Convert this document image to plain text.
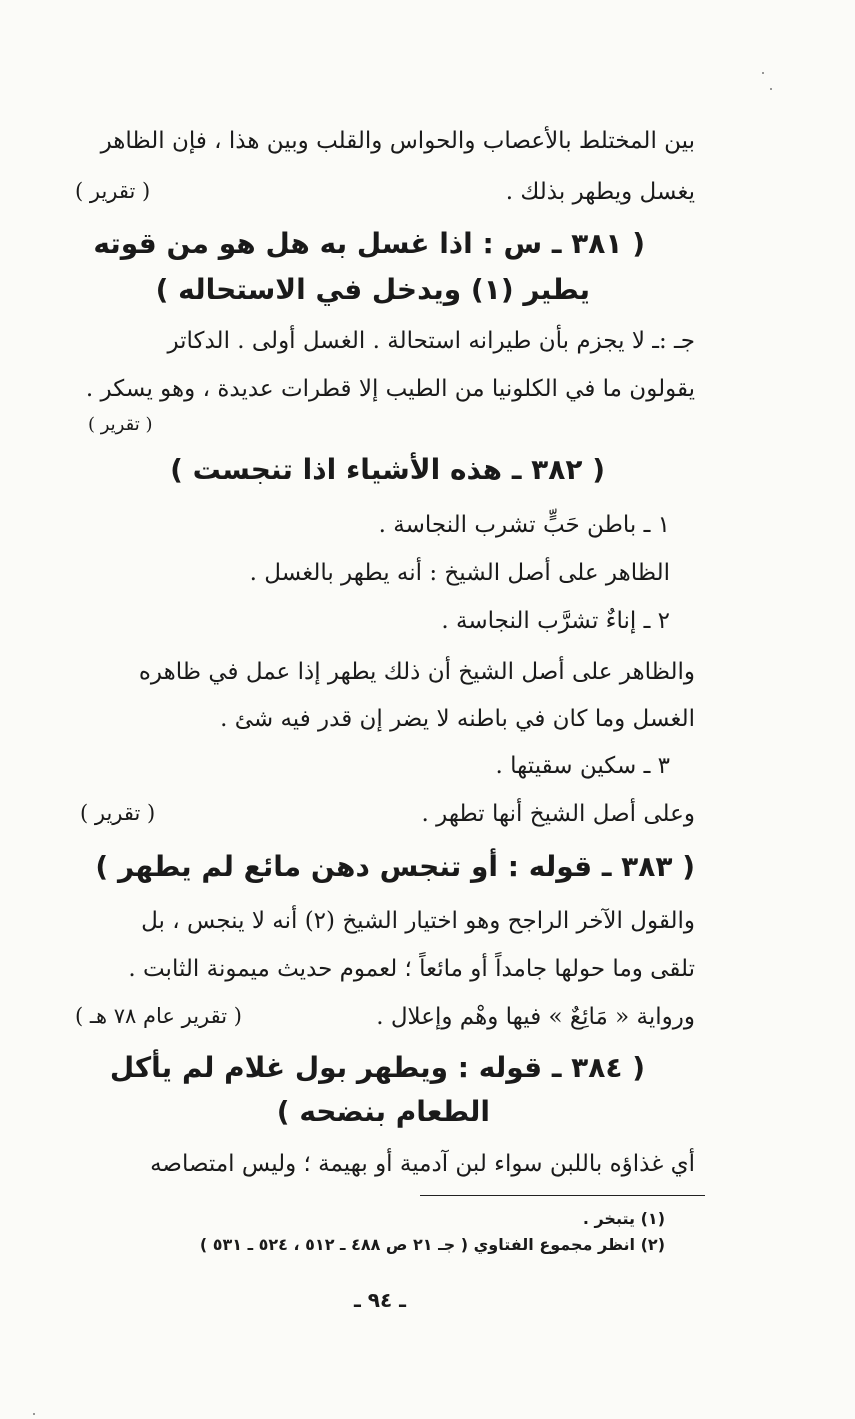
بين المختلط بالأعصاب والحواس والقلب وبين هذا ، فإن الظاهر
يغسل ويطهر بذلك .
( تقرير )
( ٣٨١ ـ س : اذا غسل به هل هو من قوته
يطير (١) ويدخل في الاستحاله )
جـ :ـ لا يجزم بأن طيرانه استحالة . الغسل أولى . الدكاتر
يقولون ما في الكلونيا من الطيب إلا قطرات عديدة ، وهو يسكر .
( تقرير )
( ٣٨٢ ـ هذه الأشياء اذا تنجست )
١ ـ باطن حَبٍّ تشرب النجاسة .
الظاهر على أصل الشيخ : أنه يطهر بالغسل .
٢ ـ إناءٌ تشرَّب النجاسة .
والظاهر على أصل الشيخ أن ذلك يطهر إذا عمل في ظاهره
الغسل وما كان في باطنه لا يضر إن قدر فيه شئ .
٣ ـ سكين سقيتها .
وعلى أصل الشيخ أنها تطهر .
( تقرير )
( ٣٨٣ ـ قوله : أو تنجس دهن مائع لم يطهر )
والقول الآخر الراجح وهو اختيار الشيخ (٢) أنه لا ينجس ، بل
تلقى وما حولها جامداً أو مائعاً ؛ لعموم حديث ميمونة الثابت .
ورواية « مَائِعٌ » فيها وهْم وإعلال .
( تقرير عام ٧٨ هـ )
( ٣٨٤ ـ قوله : ويطهر بول غلام لم يأكل
الطعام بنضحه )
أي غذاؤه باللبن سواء لبن آدمية أو بهيمة ؛ وليس امتصاصه
(١) يتبخر .
(٢) انظر مجموع الفتاوي ( جـ ٢١ ص ٤٨٨ ـ ٥١٢ ، ٥٢٤ ـ ٥٣١ )
ـ ٩٤ ـ
